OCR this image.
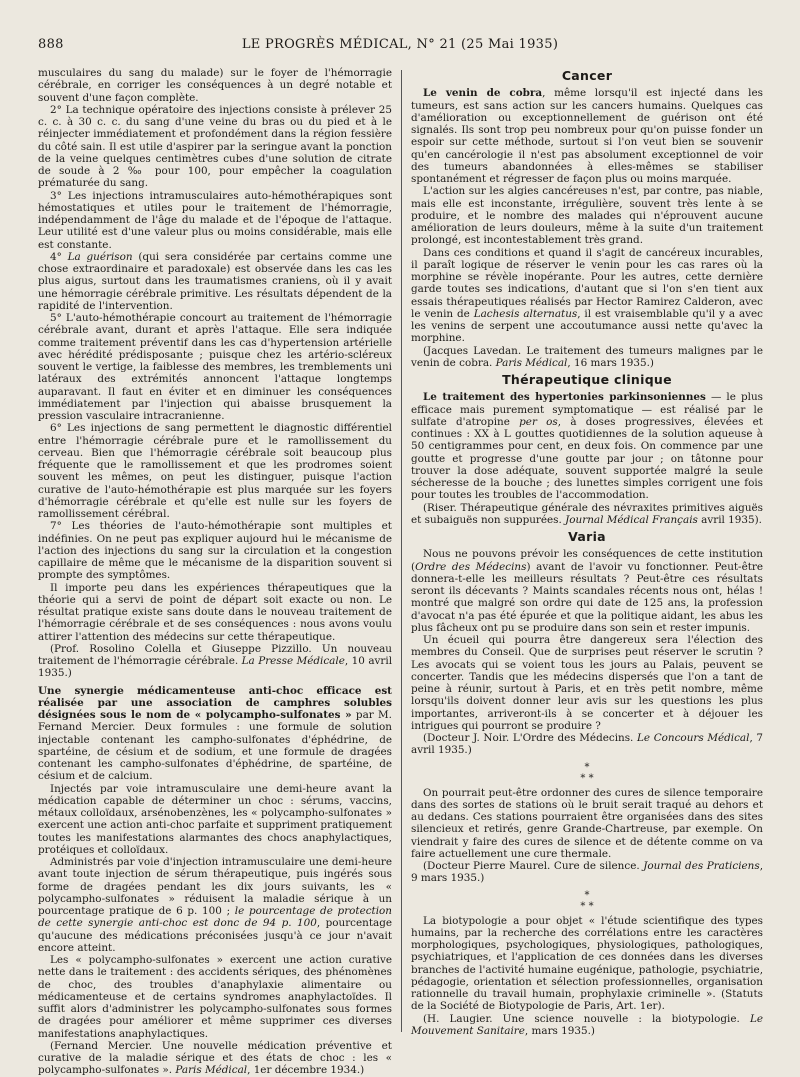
888	LE PROGRÈS MÉDICAL, N° 21 (25 Mai 1935)

musculaires du sang du malade) sur le foyer de l'hémorragie cérébrale, en corriger les conséquences à un degré notable et souvent d'une façon complète.

2° La technique opératoire des injections consiste à prélever 25 c. c. à 30 c. c. du sang d'une veine du bras ou du pied et à le réinjecter immédiatement et profondément dans la région fessière du côté sain. Il est utile d'aspirer par la seringue avant la ponction de la veine quelques centimètres cubes d'une solution de citrate de soude à 2 ‰ pour 100, pour empêcher la coagulation prématurée du sang.

3° Les injections intramusculaires auto-hémothérapiques sont hémostatiques et utiles pour le traitement de l'hémorragie, indépendamment de l'âge du malade et de l'époque de l'attaque. Leur utilité est d'une valeur plus ou moins considérable, mais elle est constante.

4° La guérison (qui sera considérée par certains comme une chose extraordinaire et paradoxale) est observée dans les cas les plus aigus, surtout dans les traumatismes craniens, où il y avait une hémorragie cérébrale primitive. Les résultats dépendent de la rapidité de l'intervention.

5° L'auto-hémothérapie concourt au traitement de l'hémorragie cérébrale avant, durant et après l'attaque. Elle sera indiquée comme traitement préventif dans les cas d'hypertension artérielle avec hérédité prédisposante ; puisque chez les artério-scléreux souvent le vertige, la faiblesse des membres, les tremblements uni latéraux des extrémités annoncent l'attaque longtemps auparavant. Il faut en éviter et en diminuer les conséquences immédiatement par l'injection qui abaisse brusquement la pression vasculaire intracranienne.

6° Les injections de sang permettent le diagnostic différentiel entre l'hémorragie cérébrale pure et le ramollissement du cerveau. Bien que l'hémorragie cérébrale soit beaucoup plus fréquente que le ramollissement et que les prodromes soient souvent les mêmes, on peut les distinguer, puisque l'action curative de l'auto-hémothérapie est plus marquée sur les foyers d'hémorragie cérébrale et qu'elle est nulle sur les foyers de ramollissement cérébral.

7° Les théories de l'auto-hémothérapie sont multiples et indéfinies. On ne peut pas expliquer aujourd hui le mécanisme de l'action des injections du sang sur la circulation et la congestion capillaire de même que le mécanisme de la disparition souvent si prompte des symptômes.

Il importe peu dans les expériences thérapeutiques que la théorie qui a servi de point de départ soit exacte ou non. Le résultat pratique existe sans doute dans le nouveau traitement de l'hémorragie cérébrale et de ses conséquences : nous avons voulu attirer l'attention des médecins sur cette thérapeutique.

(Prof. Rosolino Colella et Giuseppe Pizzillo. Un nouveau traitement de l'hémorragie cérébrale. La Presse Médicale, 10 avril 1935.)

Une synergie médicamenteuse anti-choc efficace est réalisée par une association de camphres solubles désignées sous le nom de « polycampho-sulfonates » par M. Fernand Mercier. Deux formules : une formule de solution injectable contenant les campho-sulfonates d'éphédrine, de spartéine, de césium et de sodium, et une formule de dragées contenant les campho-sulfonates d'éphédrine, de spartéine, de césium et de calcium.

Injectés par voie intramusculaire une demi-heure avant la médication capable de déterminer un choc : sérums, vaccins, métaux colloïdaux, arsénobenzènes, les « polycampho-sulfonates » exercent une action anti-choc parfaite et suppriment pratiquement toutes les manifestations alarmantes des chocs anaphylactiques, protéiques et colloïdaux.

Administrés par voie d'injection intramusculaire une demi-heure avant toute injection de sérum thérapeutique, puis ingérés sous forme de dragées pendant les dix jours suivants, les « polycampho-sulfonates » réduisent la maladie sérique à un pourcentage pratique de 6 p. 100 ; le pourcentage de protection de cette synergie anti-choc est donc de 94 p. 100, pourcentage qu'aucune des médications préconisées jusqu'à ce jour n'avait encore atteint.

Les « polycampho-sulfonates » exercent une action curative nette dans le traitement : des accidents sériques, des phénomènes de choc, des troubles d'anaphylaxie alimentaire ou médicamenteuse et de certains syndromes anaphylactoïdes. Il suffit alors d'administrer les polycampho-sulfonates sous formes de dragées pour améliorer et même supprimer ces diverses manifestations anaphylactiques.

(Fernand Mercier. Une nouvelle médication préventive et curative de la maladie sérique et des états de choc : les « polycampho-sulfonates ». Paris Médical, 1er décembre 1934.)

Cancer

Le venin de cobra, même lorsqu'il est injecté dans les tumeurs, est sans action sur les cancers humains. Quelques cas d'amélioration ou exceptionnellement de guérison ont été signalés. Ils sont trop peu nombreux pour qu'on puisse fonder un espoir sur cette méthode, surtout si l'on veut bien se souvenir qu'en cancérologie il n'est pas absolument exceptionnel de voir des tumeurs abandonnées à elles-mêmes se stabiliser spontanément et régresser de façon plus ou moins marquée.

L'action sur les algies cancéreuses n'est, par contre, pas niable, mais elle est inconstante, irrégulière, souvent très lente à se produire, et le nombre des malades qui n'éprouvent aucune amélioration de leurs douleurs, même à la suite d'un traitement prolongé, est incontestablement très grand.

Dans ces conditions et quand il s'agit de cancéreux incurables, il paraît logique de réserver le venin pour les cas rares où la morphine se révèle inopérante. Pour les autres, cette dernière garde toutes ses indications, d'autant que si l'on s'en tient aux essais thérapeutiques réalisés par Hector Ramirez Calderon, avec le venin de Lachesis alternatus, il est vraisemblable qu'il y a avec les venins de serpent une accoutumance aussi nette qu'avec la morphine.

(Jacques Lavedan. Le traitement des tumeurs malignes par le venin de cobra. Paris Médical, 16 mars 1935.)

Thérapeutique clinique

Le traitement des hypertonies parkinsoniennes — le plus efficace mais purement symptomatique — est réalisé par le sulfate d'atropine per os, à doses progressives, élevées et continues : XX à L gouttes quotidiennes de la solution aqueuse à 50 centigrammes pour cent, en deux fois. On commence par une goutte et progresse d'une goutte par jour ; on tâtonne pour trouver la dose adéquate, souvent supportée malgré la seule sécheresse de la bouche ; des lunettes simples corrigent une fois pour toutes les troubles de l'accommodation.

(Riser. Thérapeutique générale des névraxites primitives aiguës et subaiguës non suppurées. Journal Médical Français avril 1935).

Varia

Nous ne pouvons prévoir les conséquences de cette institution (Ordre des Médecins) avant de l'avoir vu fonctionner. Peut-être donnera-t-elle les meilleurs résultats ? Peut-être ces résultats seront ils décevants ? Maints scandales récents nous ont, hélas ! montré que malgré son ordre qui date de 125 ans, la profession d'avocat n'a pas été épurée et que la politique aidant, les abus les plus fâcheux ont pu se produire dans son sein et rester impunis.

Un écueil qui pourra être dangereux sera l'élection des membres du Conseil. Que de surprises peut réserver le scrutin ? Les avocats qui se voient tous les jours au Palais, peuvent se concerter. Tandis que les médecins dispersés que l'on a tant de peine à réunir, surtout à Paris, et en très petit nombre, même lorsqu'ils doivent donner leur avis sur les questions les plus importantes, arriveront-ils à se concerter et à déjouer les intrigues qui pourront se produire ?

(Docteur J. Noir. L'Ordre des Médecins. Le Concours Médical, 7 avril 1935.)

*
* *

On pourrait peut-être ordonner des cures de silence temporaire dans des sortes de stations où le bruit serait traqué au dehors et au dedans. Ces stations pourraient être organisées dans des sites silencieux et retirés, genre Grande-Chartreuse, par exemple. On viendrait y faire des cures de silence et de détente comme on va faire actuellement une cure thermale.

(Docteur Pierre Maurel. Cure de silence. Journal des Praticiens, 9 mars 1935.)

*
* *

La biotypologie a pour objet « l'étude scientifique des types humains, par la recherche des corrélations entre les caractères morphologiques, psychologiques, physiologiques, pathologiques, psychiatriques, et l'application de ces données dans les diverses branches de l'activité humaine eugénique, pathologie, psychiatrie, pédagogie, orientation et sélection professionnelles, organisation rationnelle du travail humain, prophylaxie criminelle ». (Statuts de la Société de Biotypologie de Paris, Art. 1er).

(H. Laugier. Une science nouvelle : la biotypologie. Le Mouvement Sanitaire, mars 1935.)
